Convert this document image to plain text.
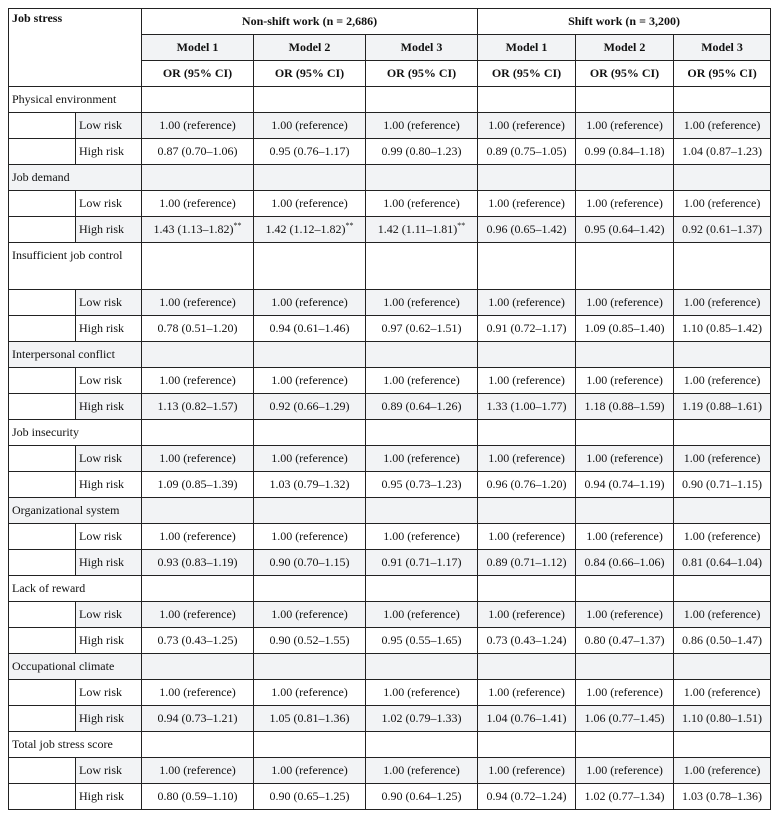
Job stress		Non-shift work (n = 2,686)			Shift work (n = 3,200)		
		Model 1	Model 2	Model 3	Model 1	Model 2	Model 3
		OR (95% CI)	OR (95% CI)	OR (95% CI)	OR (95% CI)	OR (95% CI)	OR (95% CI)
Physical environment							
	Low risk	1.00 (reference)	1.00 (reference)	1.00 (reference)	1.00 (reference)	1.00 (reference)	1.00 (reference)
	High risk	0.87 (0.70–1.06)	0.95 (0.76–1.17)	0.99 (0.80–1.23)	0.89 (0.75–1.05)	0.99 (0.84–1.18)	1.04 (0.87–1.23)
Job demand							
	Low risk	1.00 (reference)	1.00 (reference)	1.00 (reference)	1.00 (reference)	1.00 (reference)	1.00 (reference)
	High risk	1.43 (1.13–1.82)**	1.42 (1.12–1.82)**	1.42 (1.11–1.81)**	0.96 (0.65–1.42)	0.95 (0.64–1.42)	0.92 (0.61–1.37)
Insufficient job control							
	Low risk	1.00 (reference)	1.00 (reference)	1.00 (reference)	1.00 (reference)	1.00 (reference)	1.00 (reference)
	High risk	0.78 (0.51–1.20)	0.94 (0.61–1.46)	0.97 (0.62–1.51)	0.91 (0.72–1.17)	1.09 (0.85–1.40)	1.10 (0.85–1.42)
Interpersonal conflict							
	Low risk	1.00 (reference)	1.00 (reference)	1.00 (reference)	1.00 (reference)	1.00 (reference)	1.00 (reference)
	High risk	1.13 (0.82–1.57)	0.92 (0.66–1.29)	0.89 (0.64–1.26)	1.33 (1.00–1.77)	1.18 (0.88–1.59)	1.19 (0.88–1.61)
Job insecurity							
	Low risk	1.00 (reference)	1.00 (reference)	1.00 (reference)	1.00 (reference)	1.00 (reference)	1.00 (reference)
	High risk	1.09 (0.85–1.39)	1.03 (0.79–1.32)	0.95 (0.73–1.23)	0.96 (0.76–1.20)	0.94 (0.74–1.19)	0.90 (0.71–1.15)
Organizational system							
	Low risk	1.00 (reference)	1.00 (reference)	1.00 (reference)	1.00 (reference)	1.00 (reference)	1.00 (reference)
	High risk	0.93 (0.83–1.19)	0.90 (0.70–1.15)	0.91 (0.71–1.17)	0.89 (0.71–1.12)	0.84 (0.66–1.06)	0.81 (0.64–1.04)
Lack of reward							
	Low risk	1.00 (reference)	1.00 (reference)	1.00 (reference)	1.00 (reference)	1.00 (reference)	1.00 (reference)
	High risk	0.73 (0.43–1.25)	0.90 (0.52–1.55)	0.95 (0.55–1.65)	0.73 (0.43–1.24)	0.80 (0.47–1.37)	0.86 (0.50–1.47)
Occupational climate							
	Low risk	1.00 (reference)	1.00 (reference)	1.00 (reference)	1.00 (reference)	1.00 (reference)	1.00 (reference)
	High risk	0.94 (0.73–1.21)	1.05 (0.81–1.36)	1.02 (0.79–1.33)	1.04 (0.76–1.41)	1.06 (0.77–1.45)	1.10 (0.80–1.51)
Total job stress score							
	Low risk	1.00 (reference)	1.00 (reference)	1.00 (reference)	1.00 (reference)	1.00 (reference)	1.00 (reference)
	High risk	0.80 (0.59–1.10)	0.90 (0.65–1.25)	0.90 (0.64–1.25)	0.94 (0.72–1.24)	1.02 (0.77–1.34)	1.03 (0.78–1.36)
